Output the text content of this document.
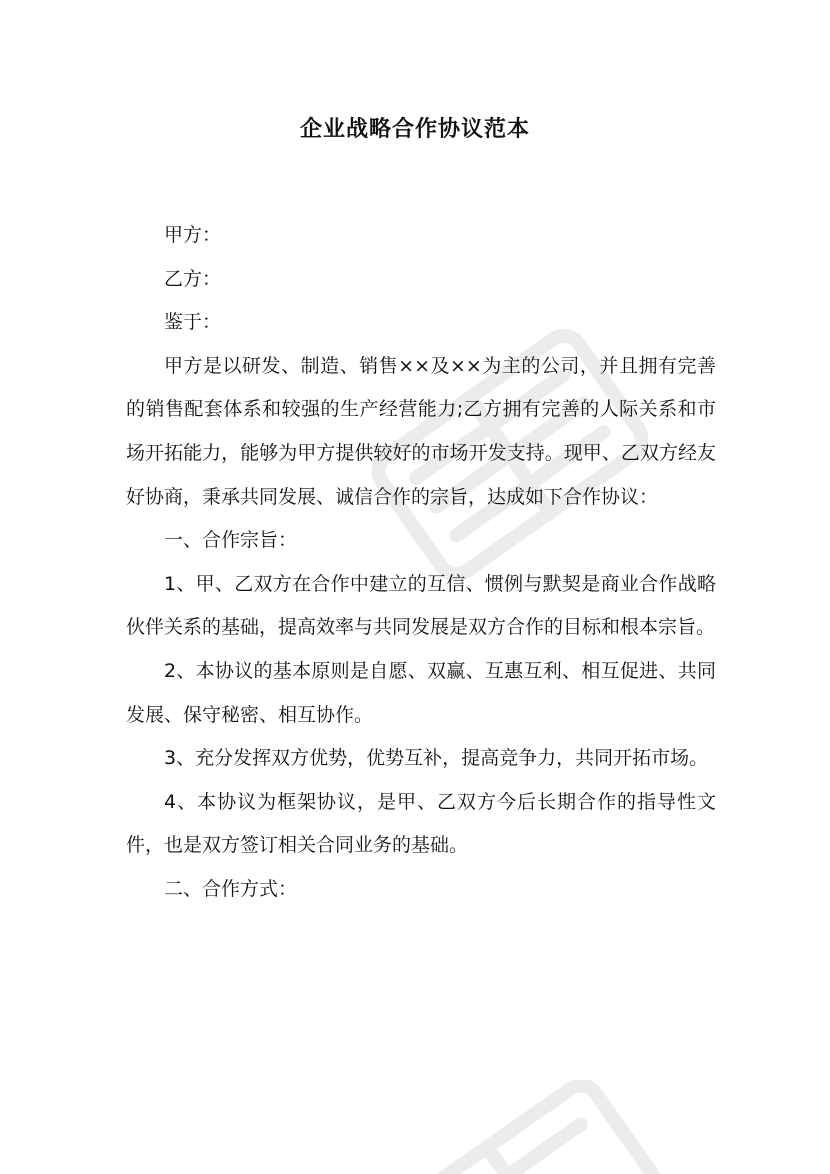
企业战略合作协议范本

甲方：

乙方：

鉴于：

甲方是以研发、制造、销售××及××为主的公司，并且拥有完善的销售配套体系和较强的生产经营能力;乙方拥有完善的人际关系和市场开拓能力，能够为甲方提供较好的市场开发支持。现甲、乙双方经友好协商，秉承共同发展、诚信合作的宗旨，达成如下合作协议：

一、合作宗旨：

1、甲、乙双方在合作中建立的互信、惯例与默契是商业合作战略伙伴关系的基础，提高效率与共同发展是双方合作的目标和根本宗旨。

2、本协议的基本原则是自愿、双赢、互惠互利、相互促进、共同发展、保守秘密、相互协作。

3、充分发挥双方优势，优势互补，提高竞争力，共同开拓市场。

4、本协议为框架协议，是甲、乙双方今后长期合作的指导性文件，也是双方签订相关合同业务的基础。

二、合作方式：
